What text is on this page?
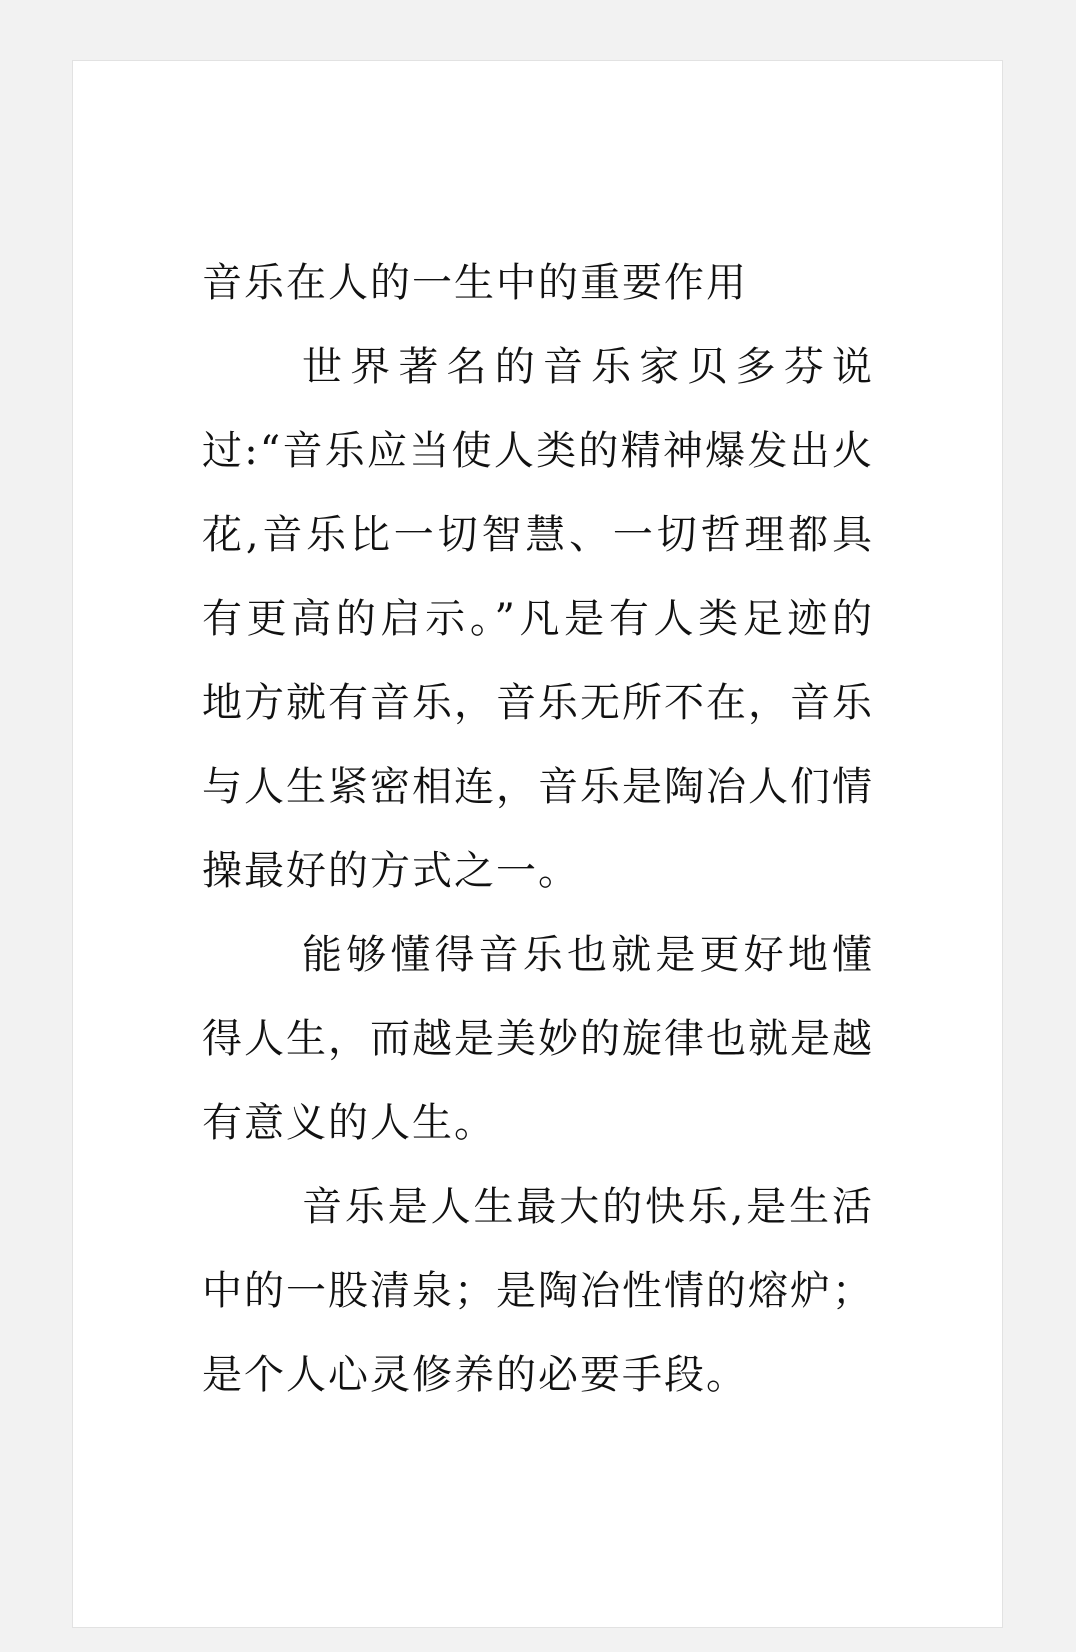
音乐在人的一生中的重要作用

世界著名的音乐家贝多芬说过:“音乐应当使人类的精神爆发出火花,音乐比一切智慧、一切哲理都具有更高的启示。”凡是有人类足迹的地方就有音乐，音乐无所不在，音乐与人生紧密相连，音乐是陶冶人们情操最好的方式之一。

能够懂得音乐也就是更好地懂得人生，而越是美妙的旋律也就是越有意义的人生。

音乐是人生最大的快乐,是生活中的一股清泉；是陶冶性情的熔炉；是个人心灵修养的必要手段。
